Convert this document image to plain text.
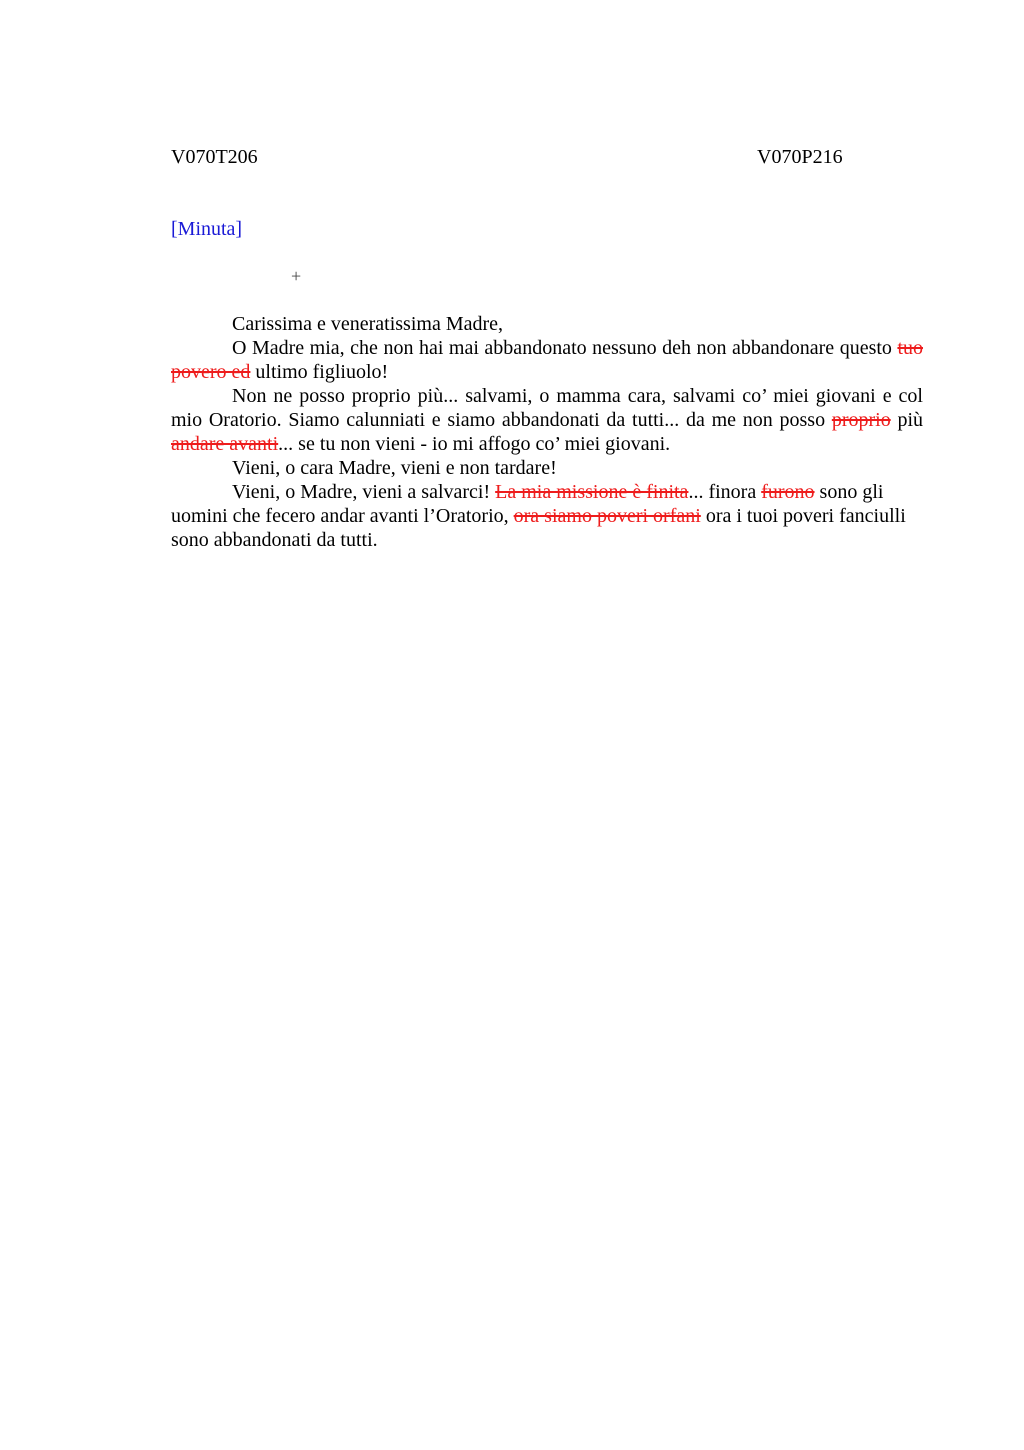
V070T206	V070P216
[Minuta]
+

Carissima e veneratissima Madre,

O Madre mia, che non hai mai abbandonato nessuno deh non abbandonare questo tuo povero ed ultimo figliuolo!

Non ne posso proprio più... salvami, o mamma cara, salvami co’ miei giovani e col mio Oratorio. Siamo calunniati e siamo abbandonati da tutti... da me non posso proprio più andare avanti... se tu non vieni - io mi affogo co’ miei giovani.

Vieni, o cara Madre, vieni e non tardare!

Vieni, o Madre, vieni a salvarci! La mia missione è finita... finora furono sono gli uomini che fecero andar avanti l’Oratorio, ora siamo poveri orfani ora i tuoi poveri fanciulli sono abbandonati da tutti.
